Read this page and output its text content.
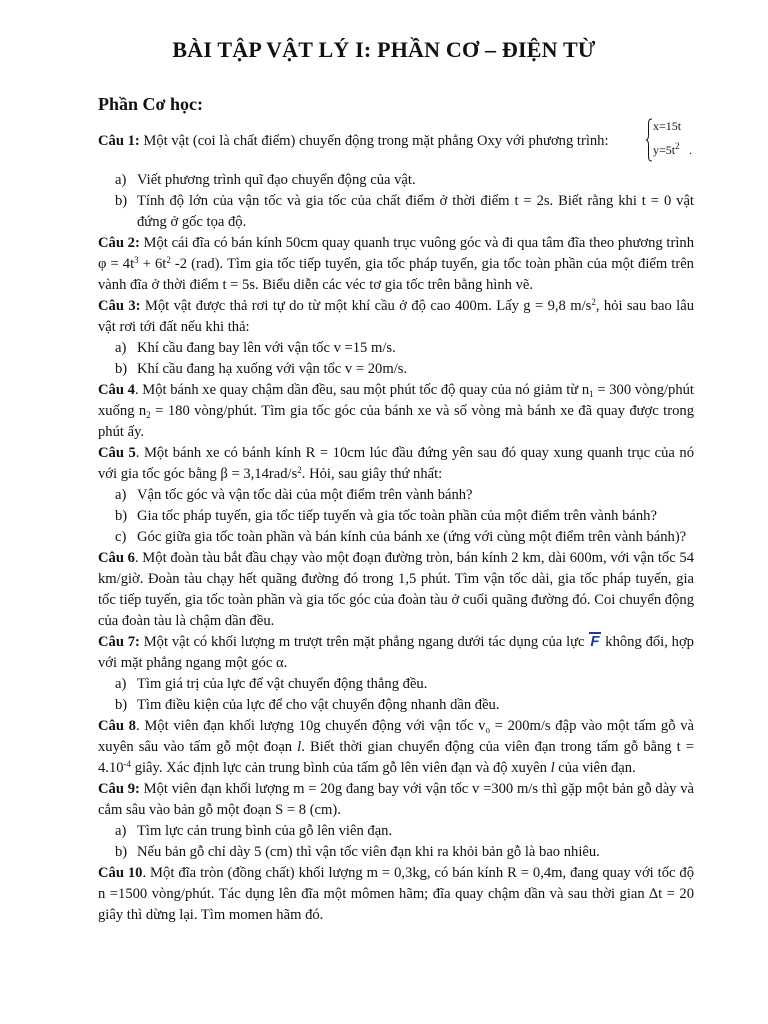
BÀI TẬP VẬT LÝ I: PHẦN CƠ – ĐIỆN TỪ
Phần Cơ học:
Câu 1: Một vật (coi là chất điểm) chuyển động trong mặt phẳng Oxy với phương trình:
x=15t
$y=5t^2$ .
a) Viết phương trình quĩ đạo chuyển động của vật.
b) Tính độ lớn của vận tốc và gia tốc của chất điểm ở thời điểm t = 2s. Biết rằng khi t = 0 vật đứng ở gốc tọa độ.

Câu 2: Một cái đĩa có bán kính 50cm quay quanh trục vuông góc và đi qua tâm đĩa theo phương trình $\varphi = 4t^3 + 6t^2$ -2 (rad). Tìm gia tốc tiếp tuyến, gia tốc pháp tuyến, gia tốc toàn phần của một điểm trên vành đĩa ở thời điểm t = 5s. Biểu diễn các véc tơ gia tốc trên bằng hình vẽ.

Câu 3: Một vật được thả rơi tự do từ một khí cầu ở độ cao 400m. Lấy g = 9,8 $m/s^2$, hỏi sau bao lâu vật rơi tới đất nếu khi thả:

a) Khí cầu đang bay lên với vận tốc v =15 m/s.
b) Khí cầu đang hạ xuống với vận tốc v = 20m/s.

Câu 4. Một bánh xe quay chậm dần đều, sau một phút tốc độ quay của nó giảm từ $n_1 = 300$ vòng/phút xuống $n_2 = 180$ vòng/phút. Tìm gia tốc góc của bánh xe và số vòng mà bánh xe đã quay được trong phút ấy.

Câu 5. Một bánh xe có bánh kính R = 10cm lúc đầu đứng yên sau đó quay xung quanh trục của nó với gia tốc góc bằng $\beta = 3,14rad/s^2$. Hỏi, sau giây thứ nhất:

a) Vận tốc góc và vận tốc dài của một điểm trên vành bánh?
b) Gia tốc pháp tuyến, gia tốc tiếp tuyến và gia tốc toàn phần của một điểm trên vành bánh?
c) Góc giữa gia tốc toàn phần và bán kính của bánh xe (ứng với cùng một điểm trên vành bánh)?

Câu 6. Một đoàn tàu bắt đầu chạy vào một đoạn đường tròn, bán kính 2 km, dài 600m, với vận tốc 54 km/giờ. Đoàn tàu chạy hết quãng đường đó trong 1,5 phút. Tìm vận tốc dài, gia tốc pháp tuyến, gia tốc tiếp tuyến, gia tốc toàn phần và gia tốc góc của đoàn tàu ở cuối quãng đường đó. Coi chuyển động của đoàn tàu là chậm dần đều.

Câu 7: Một vật có khối lượng m trượt trên mặt phẳng ngang dưới tác dụng của lực F không đổi, hợp với mặt phẳng ngang một góc α.

a) Tìm giá trị của lực để vật chuyển động thẳng đều.
b) Tìm điều kiện của lực để cho vật chuyển động nhanh dần đều.

Câu 8. Một viên đạn khối lượng 10g chuyển động với vận tốc $v_o = 200m/s$ đập vào một tấm gỗ và xuyên sâu vào tấm gỗ một đoạn l. Biết thời gian chuyển động của viên đạn trong tấm gỗ bằng $t = 4.10^{-4}$ giây. Xác định lực cản trung bình của tấm gỗ lên viên đạn và độ xuyên l của viên đạn.

Câu 9: Một viên đạn khối lượng m = 20g đang bay với vận tốc v =300 m/s thì gặp một bản gỗ dày và cắm sâu vào bản gỗ một đoạn S = 8 (cm).

a) Tìm lực cản trung bình của gỗ lên viên đạn.
b) Nếu bản gỗ chỉ dày 5 (cm) thì vận tốc viên đạn khi ra khỏi bản gỗ là bao nhiêu.

Câu 10. Một đĩa tròn (đồng chất) khối lượng m = 0,3kg, có bán kính R = 0,4m, đang quay với tốc độ n =1500 vòng/phút. Tác dụng lên đĩa một mômen hãm; đĩa quay chậm dần và sau thời gian ∆t = 20 giây thì dừng lại. Tìm momen hãm đó.
